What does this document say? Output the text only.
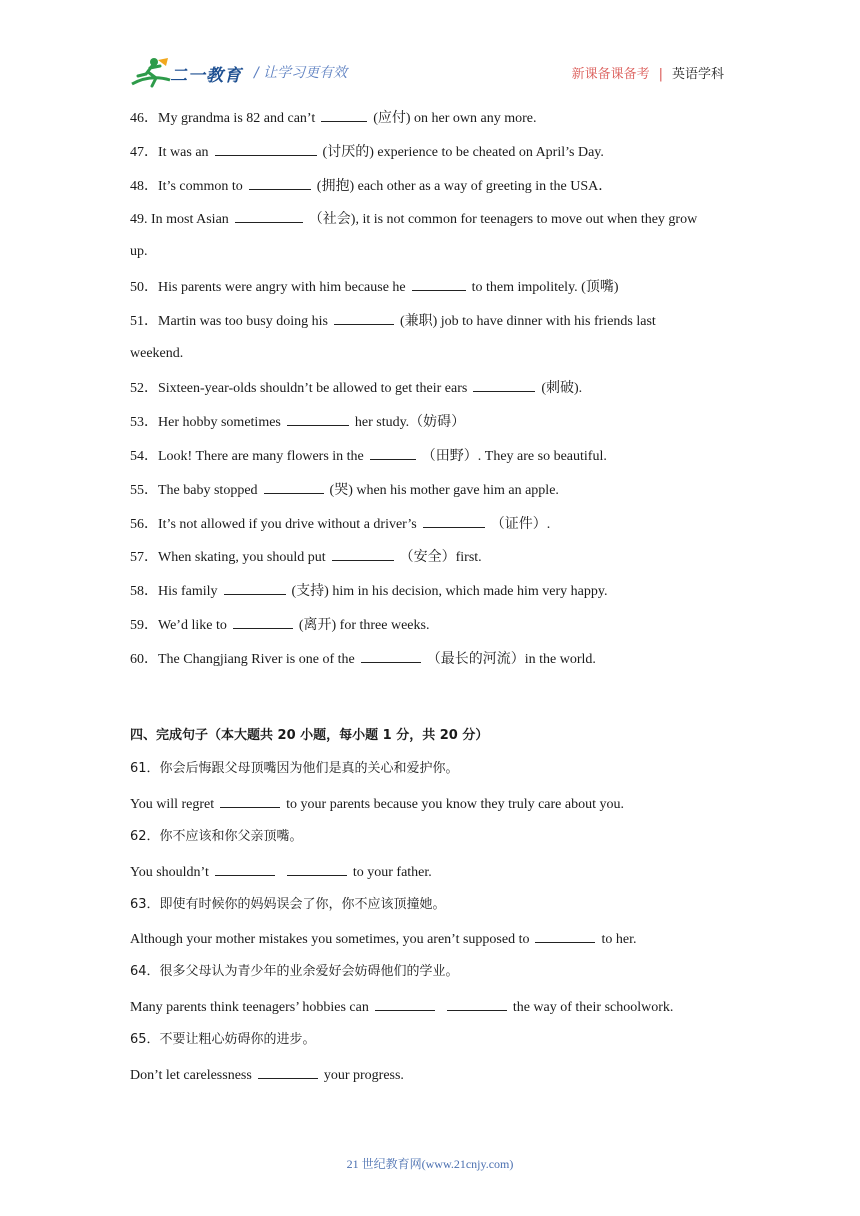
二一教育 / 让学习更有效	新课备课备考 | 英语学科
46．My grandma is 82 and can’t	(应付) on her own any more.
47．It was an	(讨厌的) experience to be cheated on April’s Day.
48．It’s common to	(拥抱) each other as a way of greeting in the USA．
49. In most Asian	（社会), it is not common for teenagers to move out when they grow
up.
50．His parents were angry with him because he	to them impolitely. (顶嘴)
51．Martin was too busy doing his	(兼职) job to have dinner with his friends last
weekend.
52．Sixteen-year-olds shouldn’t be allowed to get their ears	(刺破).
53．Her hobby sometimes	her study.（妨碍）
54．Look! There are many flowers in the	（田野）. They are so beautiful.
55．The baby stopped	(哭) when his mother gave him an apple.
56．It’s not allowed if you drive without a driver’s	（证件）.
57．When skating, you should put	（安全）first.
58．His family	(支持) him in his decision, which made him very happy.
59．We’d like to	(离开) for three weeks.
60．The Changjiang River is one of the	（最长的河流）in the world.
四、完成句子（本大题共 20 小题，每小题 1 分，共 20 分）
61．你会后悔跟父母顶嘴因为他们是真的关心和爱护你。
You will regret	to your parents because you know they truly care about you.
62．你不应该和你父亲顶嘴。
You shouldn’t	to your father.
63．即使有时候你的妈妈误会了你，你不应该顶撞她。
Although your mother mistakes you sometimes, you aren’t supposed to	to her.
64．很多父母认为青少年的业余爱好会妨碍他们的学业。
Many parents think teenagers’ hobbies can	the way of their schoolwork.
65．不要让粗心妨碍你的进步。
Don’t let carelessness	your progress.
21 世纪教育网(www.21cnjy.com)
